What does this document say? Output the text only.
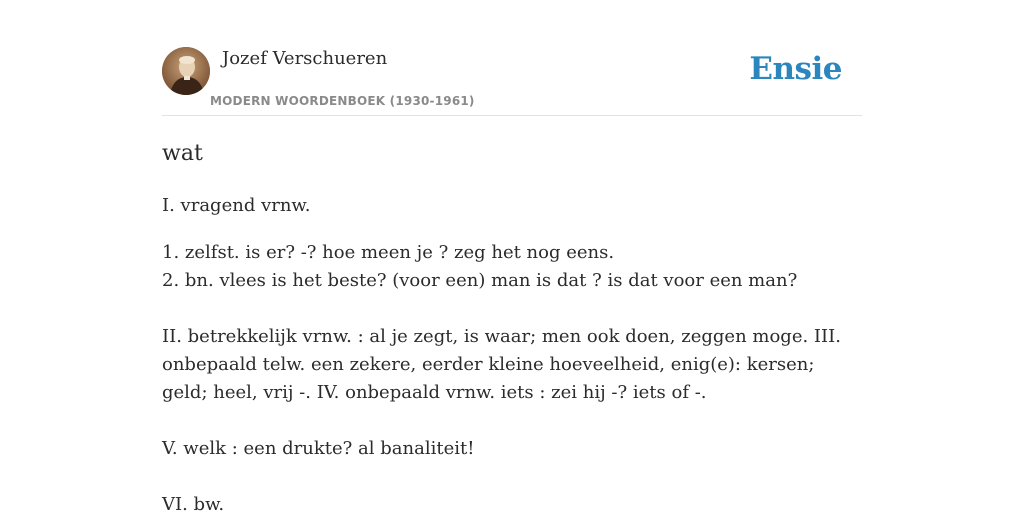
Jozef Verschueren
MODERN WOORDENBOEK (1930-1961)
Ensie
wat

I. vragend vrnw.

1. zelfst. is er? -? hoe meen je ? zeg het nog eens.

2. bn. vlees is het beste? (voor een) man is dat ? is dat voor een man?

II. betrekkelijk vrnw. : al je zegt, is waar; men ook doen, zeggen moge. III. onbepaald telw. een zekere, eerder kleine hoeveelheid, enig(e): kersen; geld; heel, vrij -. IV. onbepaald vrnw. iets : zei hij -? iets of -.

V. welk : een drukte? al banaliteit!

VI. bw.
